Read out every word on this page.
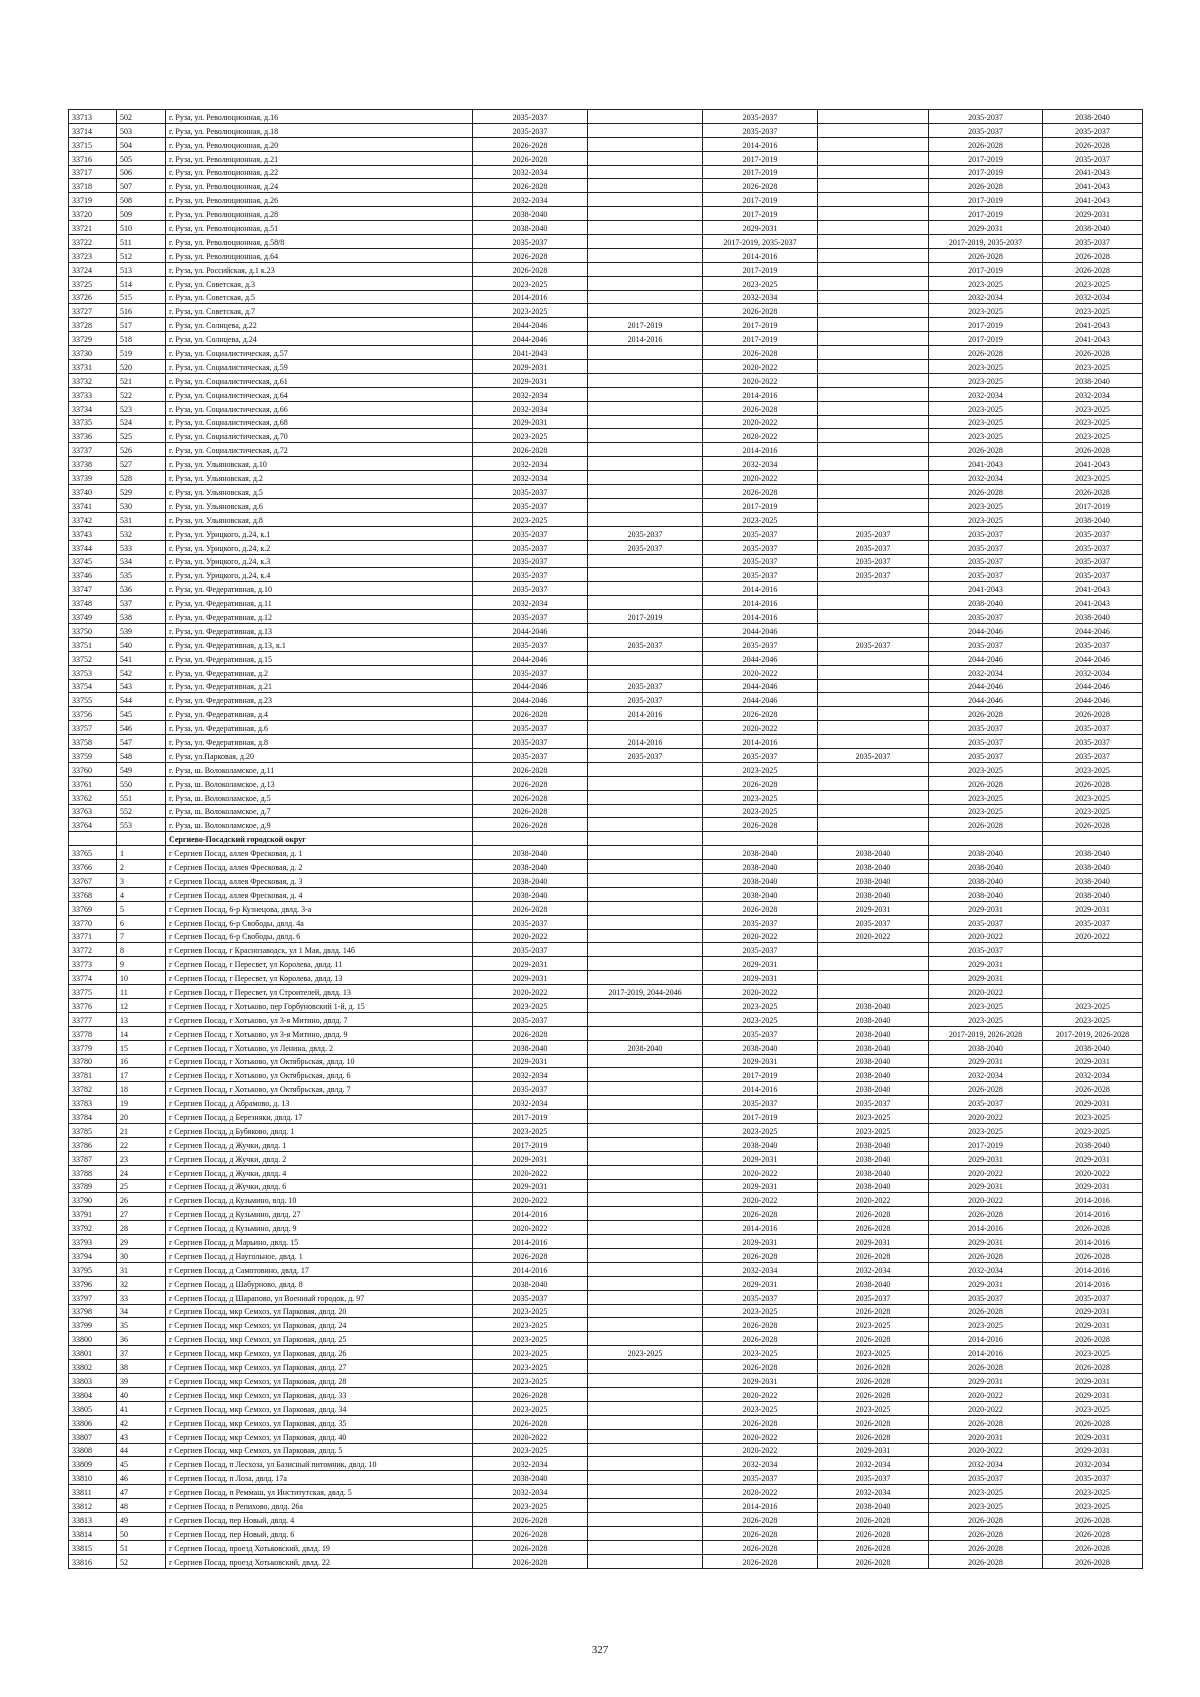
33713	502	г. Руза, ул. Революционная, д.16	2035-2037		2035-2037		2035-2037	2038-2040
33714	503	г. Руза, ул. Революционная, д.18	2035-2037		2035-2037		2035-2037	2035-2037
33715	504	г. Руза, ул. Революционная, д.20	2026-2028		2014-2016		2026-2028	2026-2028
33716	505	г. Руза, ул. Революционная, д.21	2026-2028		2017-2019		2017-2019	2035-2037
33717	506	г. Руза, ул. Революционная, д.22	2032-2034		2017-2019		2017-2019	2041-2043
33718	507	г. Руза, ул. Революционная, д.24	2026-2028		2026-2028		2026-2028	2041-2043
33719	508	г. Руза, ул. Революционная, д.26	2032-2034		2017-2019		2017-2019	2041-2043
33720	509	г. Руза, ул. Революционная, д.28	2038-2040		2017-2019		2017-2019	2029-2031
33721	510	г. Руза, ул. Революционная, д.51	2038-2040		2029-2031		2029-2031	2038-2040
33722	511	г. Руза, ул. Революционная, д.58/8	2035-2037		2017-2019, 2035-2037		2017-2019, 2035-2037	2035-2037
33723	512	г. Руза, ул. Революционная, д.64	2026-2028		2014-2016		2026-2028	2026-2028
33724	513	г. Руза, ул. Российская, д.1 к.23	2026-2028		2017-2019		2017-2019	2026-2028
33725	514	г. Руза, ул. Советская, д.3	2023-2025		2023-2025		2023-2025	2023-2025
33726	515	г. Руза, ул. Советская, д.5	2014-2016		2032-2034		2032-2034	2032-2034
33727	516	г. Руза, ул. Советская, д.7	2023-2025		2026-2028		2023-2025	2023-2025
33728	517	г. Руза, ул. Солнцева, д.22	2044-2046	2017-2019	2017-2019		2017-2019	2041-2043
33729	518	г. Руза, ул. Солнцева, д.24	2044-2046	2014-2016	2017-2019		2017-2019	2041-2043
33730	519	г. Руза, ул. Социалистическая, д.57	2041-2043		2026-2028		2026-2028	2026-2028
33731	520	г. Руза, ул. Социалистическая, д.59	2029-2031		2020-2022		2023-2025	2023-2025
33732	521	г. Руза, ул. Социалистическая, д.61	2029-2031		2020-2022		2023-2025	2038-2040
33733	522	г. Руза, ул. Социалистическая, д.64	2032-2034		2014-2016		2032-2034	2032-2034
33734	523	г. Руза, ул. Социалистическая, д.66	2032-2034		2026-2028		2023-2025	2023-2025
33735	524	г. Руза, ул. Социалистическая, д.68	2029-2031		2020-2022		2023-2025	2023-2025
33736	525	г. Руза, ул. Социалистическая, д.70	2023-2025		2020-2022		2023-2025	2023-2025
33737	526	г. Руза, ул. Социалистическая, д.72	2026-2028		2014-2016		2026-2028	2026-2028
33738	527	г. Руза, ул. Ульяновская, д.10	2032-2034		2032-2034		2041-2043	2041-2043
33739	528	г. Руза, ул. Ульяновская, д.2	2032-2034		2020-2022		2032-2034	2023-2025
33740	529	г. Руза, ул. Ульяновская, д.5	2035-2037		2026-2028		2026-2028	2026-2028
33741	530	г. Руза, ул. Ульяновская, д.6	2035-2037		2017-2019		2023-2025	2017-2019
33742	531	г. Руза, ул. Ульяновская, д.8	2023-2025		2023-2025		2023-2025	2038-2040
33743	532	г. Руза, ул. Урицкого, д.24, к.1	2035-2037	2035-2037	2035-2037	2035-2037	2035-2037	2035-2037
33744	533	г. Руза, ул. Урицкого, д.24, к.2	2035-2037	2035-2037	2035-2037	2035-2037	2035-2037	2035-2037
33745	534	г. Руза, ул. Урицкого, д.24, к.3	2035-2037		2035-2037	2035-2037	2035-2037	2035-2037
33746	535	г. Руза, ул. Урицкого, д.24, к.4	2035-2037		2035-2037	2035-2037	2035-2037	2035-2037
33747	536	г. Руза, ул. Федеративная, д.10	2035-2037		2014-2016		2041-2043	2041-2043
33748	537	г. Руза, ул. Федеративная, д.11	2032-2034		2014-2016		2038-2040	2041-2043
33749	538	г. Руза, ул. Федеративная, д.12	2035-2037	2017-2019	2014-2016		2035-2037	2038-2040
33750	539	г. Руза, ул. Федеративная, д.13	2044-2046		2044-2046		2044-2046	2044-2046
33751	540	г. Руза, ул. Федеративная, д.13, к.1	2035-2037	2035-2037	2035-2037	2035-2037	2035-2037	2035-2037
33752	541	г. Руза, ул. Федеративная, д.15	2044-2046		2044-2046		2044-2046	2044-2046
33753	542	г. Руза, ул. Федеративная, д.2	2035-2037		2020-2022		2032-2034	2032-2034
33754	543	г. Руза, ул. Федеративная, д.21	2044-2046	2035-2037	2044-2046		2044-2046	2044-2046
33755	544	г. Руза, ул. Федеративная, д.23	2044-2046	2035-2037	2044-2046		2044-2046	2044-2046
33756	545	г. Руза, ул. Федеративная, д.4	2026-2028	2014-2016	2026-2028		2026-2028	2026-2028
33757	546	г. Руза, ул. Федеративная, д.6	2035-2037		2020-2022		2035-2037	2035-2037
33758	547	г. Руза, ул. Федеративная, д.8	2035-2037	2014-2016	2014-2016		2035-2037	2035-2037
33759	548	г. Руза, ул.Парковая, д.20	2035-2037	2035-2037	2035-2037	2035-2037	2035-2037	2035-2037
33760	549	г. Руза, ш. Волоколамское, д.11	2026-2028		2023-2025		2023-2025	2023-2025
33761	550	г. Руза, ш. Волоколамское, д.13	2026-2028		2026-2028		2026-2028	2026-2028
33762	551	г. Руза, ш. Волоколамское, д.5	2026-2028		2023-2025		2023-2025	2023-2025
33763	552	г. Руза, ш. Волоколамское, д.7	2026-2028		2023-2025		2023-2025	2023-2025
33764	553	г. Руза, ш. Волоколамское, д.9	2026-2028		2026-2028		2026-2028	2026-2028
		Сергиево-Посадский городской округ						
33765	1	г Сергиев Посад, аллея Фресковая, д. 1	2038-2040		2038-2040	2038-2040	2038-2040	2038-2040
33766	2	г Сергиев Посад, аллея Фресковая, д. 2	2038-2040		2038-2040	2038-2040	2038-2040	2038-2040
33767	3	г Сергиев Посад, аллея Фресковая, д. 3	2038-2040		2038-2040	2038-2040	2038-2040	2038-2040
33768	4	г Сергиев Посад, аллея Фресковая, д. 4	2038-2040		2038-2040	2038-2040	2038-2040	2038-2040
33769	5	г Сергиев Посад, 6-р Кузнецова, двлд. 3-а	2026-2028		2026-2028	2029-2031	2029-2031	2029-2031
33770	6	г Сергиев Посад, 6-р Свободы, двлд. 4а	2035-2037		2035-2037	2035-2037	2035-2037	2035-2037
33771	7	г Сергиев Посад, 6-р Свободы, двлд. 6	2020-2022		2020-2022	2020-2022	2020-2022	2020-2022
33772	8	г Сергиев Посад, г Краснозаводск, ул 1 Мая, двлд. 14б	2035-2037		2035-2037		2035-2037	
33773	9	г Сергиев Посад, г Пересвет, ул Королева, двлд. 11	2029-2031		2029-2031		2029-2031	
33774	10	г Сергиев Посад, г Пересвет, ул Королева, двлд. 13	2029-2031		2029-2031		2029-2031	
33775	11	г Сергиев Посад, г Пересвет, ул Строителей, двлд. 13	2020-2022	2017-2019, 2044-2046	2020-2022		2020-2022	
33776	12	г Сергиев Посад, г Хотьково, пер Горбуновский 1-й, д. 15	2023-2025		2023-2025	2038-2040	2023-2025	2023-2025
33777	13	г Сергиев Посад, г Хотьково, ул 3-я Митино, двлд. 7	2035-2037		2023-2025	2038-2040	2023-2025	2023-2025
33778	14	г Сергиев Посад, г Хотьково, ул 3-я Митино, двлд. 9	2026-2028		2035-2037	2038-2040	2017-2019, 2026-2028	2017-2019, 2026-2028
33779	15	г Сергиев Посад, г Хотьково, ул Ленина, двлд. 2	2038-2040	2038-2040	2038-2040	2038-2040	2038-2040	2038-2040
33780	16	г Сергиев Посад, г Хотьково, ул Октябрьская, двлд. 10	2029-2031		2029-2031	2038-2040	2029-2031	2029-2031
33781	17	г Сергиев Посад, г Хотьково, ул Октябрьская, двлд. 6	2032-2034		2017-2019	2038-2040	2032-2034	2032-2034
33782	18	г Сергиев Посад, г Хотьково, ул Октябрьская, двлд. 7	2035-2037		2014-2016	2038-2040	2026-2028	2026-2028
33783	19	г Сергиев Посад, д Абрамово, д. 13	2032-2034		2035-2037	2035-2037	2035-2037	2029-2031
33784	20	г Сергиев Посад, д Березняки, двлд. 17	2017-2019		2017-2019	2023-2025	2020-2022	2023-2025
33785	21	г Сергиев Посад, д Бубяково, двлд. 1	2023-2025		2023-2025	2023-2025	2023-2025	2023-2025
33786	22	г Сергиев Посад, д Жучки, двлд. 1	2017-2019		2038-2040	2038-2040	2017-2019	2038-2040
33787	23	г Сергиев Посад, д Жучки, двлд. 2	2029-2031		2029-2031	2038-2040	2029-2031	2029-2031
33788	24	г Сергиев Посад, д Жучки, двлд. 4	2020-2022		2020-2022	2038-2040	2020-2022	2020-2022
33789	25	г Сергиев Посад, д Жучки, двлд. 6	2029-2031		2029-2031	2038-2040	2029-2031	2029-2031
33790	26	г Сергиев Посад, д Кузьмино, влд. 10	2020-2022		2020-2022	2020-2022	2020-2022	2014-2016
33791	27	г Сергиев Посад, д Кузьмино, двлд. 27	2014-2016		2026-2028	2026-2028	2026-2028	2014-2016
33792	28	г Сергиев Посад, д Кузьмино, двлд. 9	2020-2022		2014-2016	2026-2028	2014-2016	2026-2028
33793	29	г Сергиев Посад, д Марьино, двлд. 15	2014-2016		2029-2031	2029-2031	2029-2031	2014-2016
33794	30	г Сергиев Посад, д Наугольное, двлд. 1	2026-2028		2026-2028	2026-2028	2026-2028	2026-2028
33795	31	г Сергиев Посад, д Самотовино, двлд. 17	2014-2016		2032-2034	2032-2034	2032-2034	2014-2016
33796	32	г Сергиев Посад, д Шабурново, двлд. 8	2038-2040		2029-2031	2038-2040	2029-2031	2014-2016
33797	33	г Сергиев Посад, д Шарапово, ул Военный городок, д. 97	2035-2037		2035-2037	2035-2037	2035-2037	2035-2037
33798	34	г Сергиев Посад, мкр Семхоз, ул Парковая, двлд. 20	2023-2025		2023-2025	2026-2028	2026-2028	2029-2031
33799	35	г Сергиев Посад, мкр Семхоз, ул Парковая, двлд. 24	2023-2025		2026-2028	2023-2025	2023-2025	2029-2031
33800	36	г Сергиев Посад, мкр Семхоз, ул Парковая, двлд. 25	2023-2025		2026-2028	2026-2028	2014-2016	2026-2028
33801	37	г Сергиев Посад, мкр Семхоз, ул Парковая, двлд. 26	2023-2025	2023-2025	2023-2025	2023-2025	2014-2016	2023-2025
33802	38	г Сергиев Посад, мкр Семхоз, ул Парковая, двлд. 27	2023-2025		2026-2028	2026-2028	2026-2028	2026-2028
33803	39	г Сергиев Посад, мкр Семхоз, ул Парковая, двлд. 28	2023-2025		2029-2031	2026-2028	2029-2031	2029-2031
33804	40	г Сергиев Посад, мкр Семхоз, ул Парковая, двлд. 33	2026-2028		2020-2022	2026-2028	2020-2022	2029-2031
33805	41	г Сергиев Посад, мкр Семхоз, ул Парковая, двлд. 34	2023-2025		2023-2025	2023-2025	2020-2022	2023-2025
33806	42	г Сергиев Посад, мкр Семхоз, ул Парковая, двлд. 35	2026-2028		2026-2028	2026-2028	2026-2028	2026-2028
33807	43	г Сергиев Посад, мкр Семхоз, ул Парковая, двлд. 40	2020-2022		2020-2022	2026-2028	2020-2031	2029-2031
33808	44	г Сергиев Посад, мкр Семхоз, ул Парковая, двлд. 5	2023-2025		2020-2022	2029-2031	2020-2022	2029-2031
33809	45	г Сергиев Посад, п Лесхоза, ул Базисный питомник, двлд. 10	2032-2034		2032-2034	2032-2034	2032-2034	2032-2034
33810	46	г Сергиев Посад, п Лоза, двлд. 17а	2038-2040		2035-2037	2035-2037	2035-2037	2035-2037
33811	47	г Сергиев Посад, п Реммаш, ул Институтская, двлд. 5	2032-2034		2020-2022	2032-2034	2023-2025	2023-2025
33812	48	г Сергиев Посад, п Репихово, двлд. 26а	2023-2025		2014-2016	2038-2040	2023-2025	2023-2025
33813	49	г Сергиев Посад, пер Новый, двлд. 4	2026-2028		2026-2028	2026-2028	2026-2028	2026-2028
33814	50	г Сергиев Посад, пер Новый, двлд. 6	2026-2028		2026-2028	2026-2028	2026-2028	2026-2028
33815	51	г Сергиев Посад, проезд Хотьковский, двлд. 19	2026-2028		2026-2028	2026-2028	2026-2028	2026-2028
33816	52	г Сергиев Посад, проезд Хотьковский, двлд. 22	2026-2028		2026-2028	2026-2028	2026-2028	2026-2028
327
